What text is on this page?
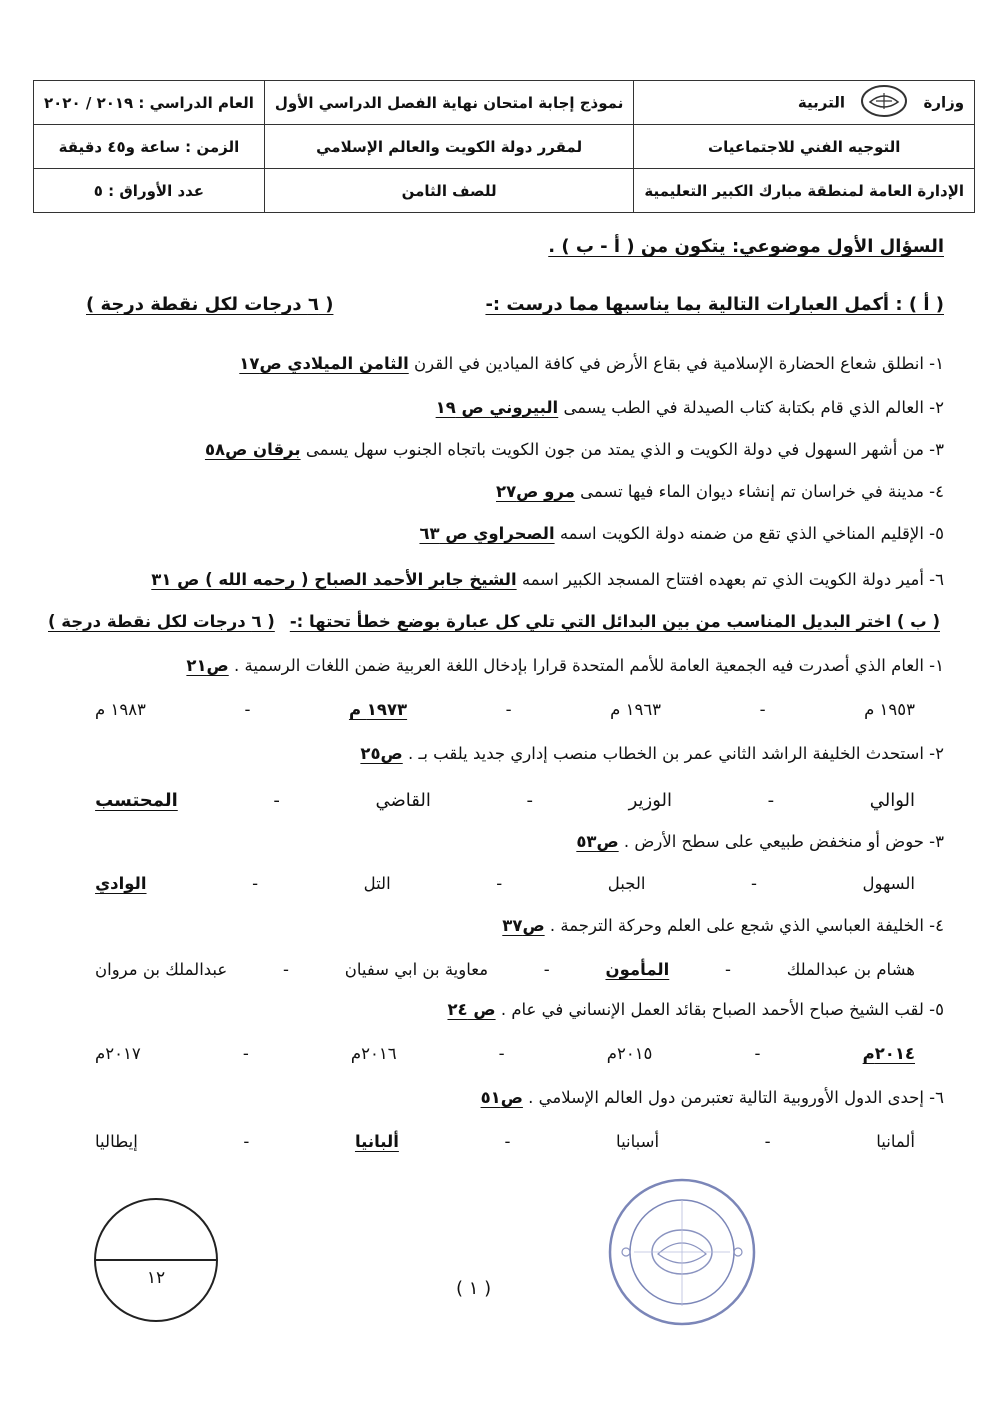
وزارة  التربية	نموذج إجابة امتحان نهاية الفصل الدراسي الأول	العام الدراسي : ٢٠١٩ / ٢٠٢٠
التوجيه الفني للاجتماعيات	لمقرر دولة الكويت والعالم الإسلامي	الزمن : ساعة و٤٥ دقيقة
الإدارة العامة لمنطقة مبارك الكبير التعليمية	للصف الثامن	عدد الأوراق : ٥
السؤال الأول موضوعي: يتكون من ( أ - ب ) .
( أ ) : أكمل العبارات التالية بما يناسبها مما درست :-
( ٦ درجات لكل نقطة درجة )
١- انطلق شعاع الحضارة الإسلامية في بقاع الأرض في كافة الميادين في القرن الثامن الميلادي ص١٧
٢- العالم الذي قام بكتابة كتاب الصيدلة في الطب يسمى البيروني ص ١٩
٣- من أشهر السهول في دولة الكويت و الذي يمتد من جون الكويت باتجاه الجنوب سهل يسمى برقان ص٥٨
٤- مدينة في خراسان تم إنشاء ديوان الماء فيها تسمى مرو ص٢٧
٥- الإقليم المناخي الذي تقع من ضمنه دولة الكويت اسمه الصحراوي ص ٦٣
٦- أمير دولة الكويت الذي تم بعهده افتتاح المسجد الكبير اسمه الشيخ جابر الأحمد الصباح ( رحمه الله ) ص ٣١
( ب ) اختر البديل المناسب من بين البدائل التي تلي كل عبارة بوضع خطأ تحتها :-
( ٦ درجات لكل نقطة درجة )
١- العام الذي أصدرت فيه الجمعية العامة للأمم المتحدة قرارا بإدخال اللغة العربية ضمن اللغات الرسمية . ص٢١
١٩٥٣ م
-
١٩٦٣ م
-
١٩٧٣ م
-
١٩٨٣ م
٢- استحدث الخليفة الراشد الثاني عمر بن الخطاب منصب إداري جديد يلقب بـ . ص٢٥
الوالي
-
الوزير
-
القاضي
-
المحتسب
٣- حوض أو منخفض طبيعي على سطح الأرض . ص٥٣
السهول
-
الجبل
-
التل
-
الوادي
٤- الخليفة العباسي الذي شجع على العلم وحركة الترجمة . ص٣٧
هشام بن عبدالملك
-
المأمون
-
معاوية بن ابي سفيان
-
عبدالملك بن مروان
٥- لقب الشيخ صباح الأحمد الصباح بقائد العمل الإنساني في عام . ص ٢٤
٢٠١٤م
-
٢٠١٥م
-
٢٠١٦م
-
٢٠١٧م
٦- إحدى الدول الأوروبية التالية تعتبرمن دول العالم الإسلامي . ص٥١
ألمانيا
-
أسبانيا
-
ألبانيا
-
إيطاليا
١٢	( ١ )
